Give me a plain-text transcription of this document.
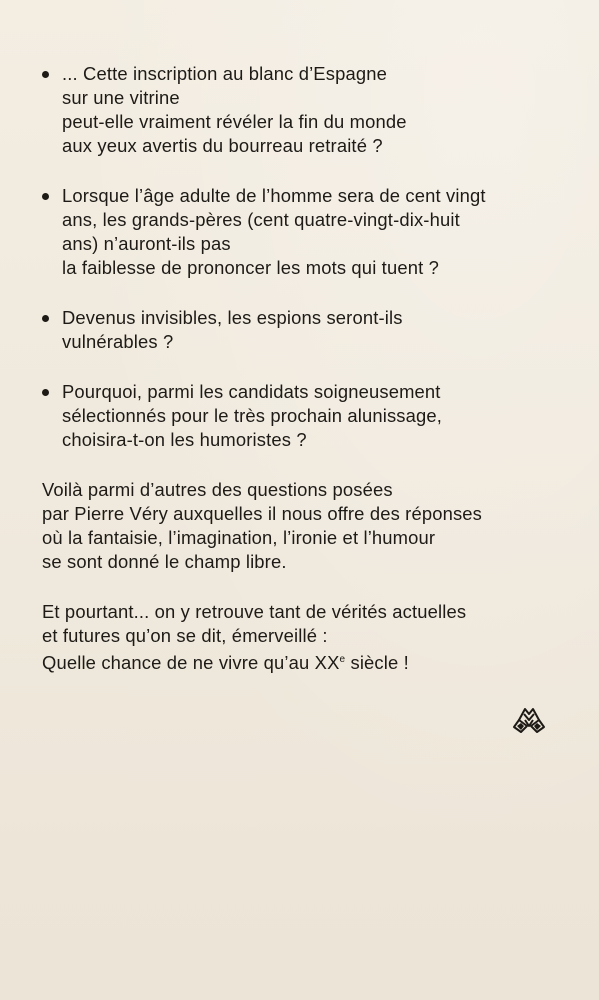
... Cette inscription au blanc d’Espagne
sur une vitrine
peut-elle vraiment révéler la fin du monde
aux yeux avertis du bourreau retraité ?
Lorsque l’âge adulte de l’homme sera de cent vingt
ans, les grands-pères (cent quatre-vingt-dix-huit
ans) n’auront-ils pas
la faiblesse de prononcer les mots qui tuent ?
Devenus invisibles, les espions seront-ils
vulnérables ?
Pourquoi, parmi les candidats soigneusement
sélectionnés pour le très prochain alunissage,
choisira-t-on les humoristes ?
Voilà parmi d’autres des questions posées
par Pierre Véry auxquelles il nous offre des réponses
où la fantaisie, l’imagination, l’ironie et l’humour
se sont donné le champ libre.
Et pourtant... on y retrouve tant de vérités actuelles
et futures qu’on se dit, émerveillé :
Quelle chance de ne vivre qu’au XXe siècle !
